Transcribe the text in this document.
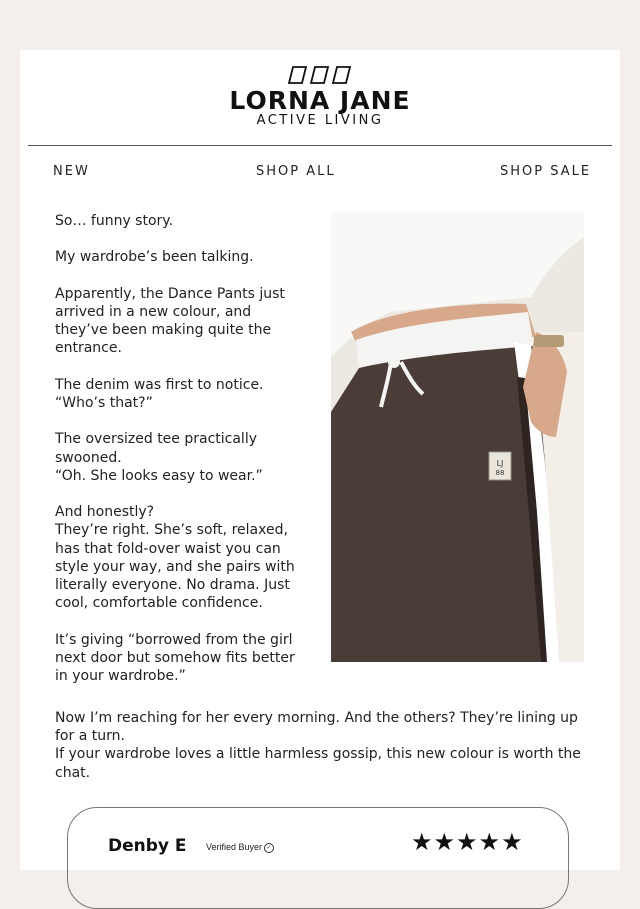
LORNA JANE
ACTIVE LIVING
NEW	SHOP ALL	SHOP SALE

So… funny story.

My wardrobe’s been talking.

Apparently, the Dance Pants just arrived in a new colour, and they’ve been making quite the entrance.

The denim was first to notice.

“Who’s that?”

The oversized tee practically swooned.

“Oh. She looks easy to wear.”

And honestly?

They’re right. She’s soft, relaxed, has that fold-over waist you can style your way, and she pairs with literally everyone. No drama. Just cool, comfortable confidence.

It’s giving “borrowed from the girl next door but somehow fits better in your wardrobe.”

LJ
88

Now I’m reaching for her every morning. And the others? They’re lining up for a turn.

If your wardrobe loves a little harmless gossip, this new colour is worth the chat.

Denby E Verified Buyer ✓	★★★★★
